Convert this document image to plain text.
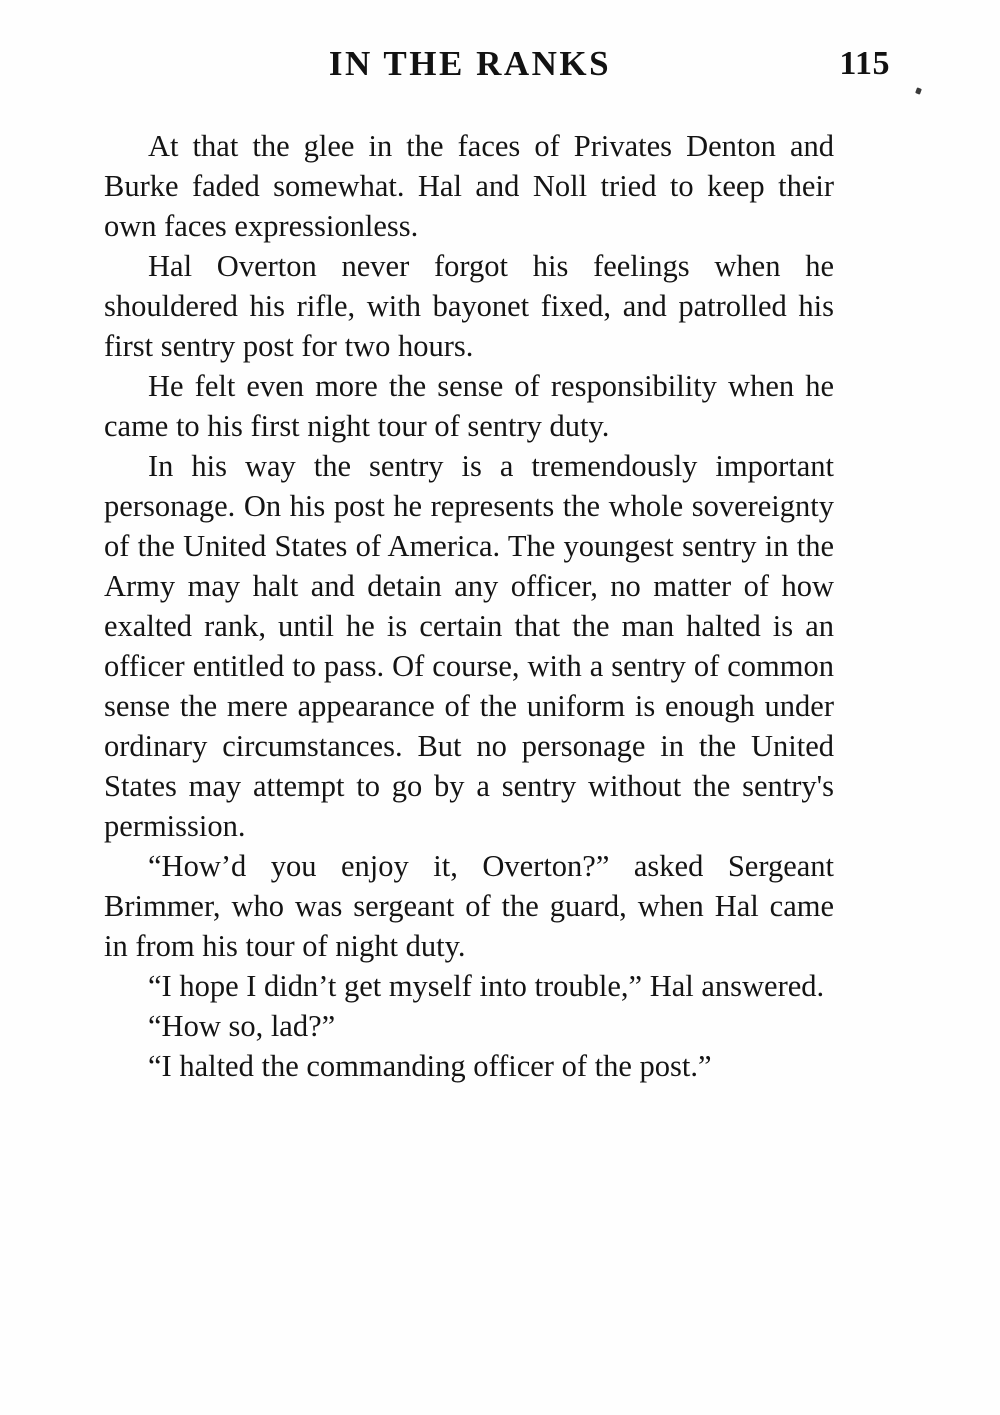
IN THE RANKS	115

At that the glee in the faces of Privates Denton and Burke faded somewhat. Hal and Noll tried to keep their own faces expressionless.

Hal Overton never forgot his feelings when he shouldered his rifle, with bayonet fixed, and patrolled his first sentry post for two hours.

He felt even more the sense of responsibility when he came to his first night tour of sentry duty.

In his way the sentry is a tremendously important personage. On his post he represents the whole sovereignty of the United States of America. The youngest sentry in the Army may halt and detain any officer, no matter of how exalted rank, until he is certain that the man halted is an officer entitled to pass. Of course, with a sentry of common sense the mere appearance of the uniform is enough under ordinary circumstances. But no personage in the United States may attempt to go by a sentry without the sentry's permission.

“How’d you enjoy it, Overton?” asked Sergeant Brimmer, who was sergeant of the guard, when Hal came in from his tour of night duty.

“I hope I didn’t get myself into trouble,” Hal answered.

“How so, lad?”

“I halted the commanding officer of the post.”
